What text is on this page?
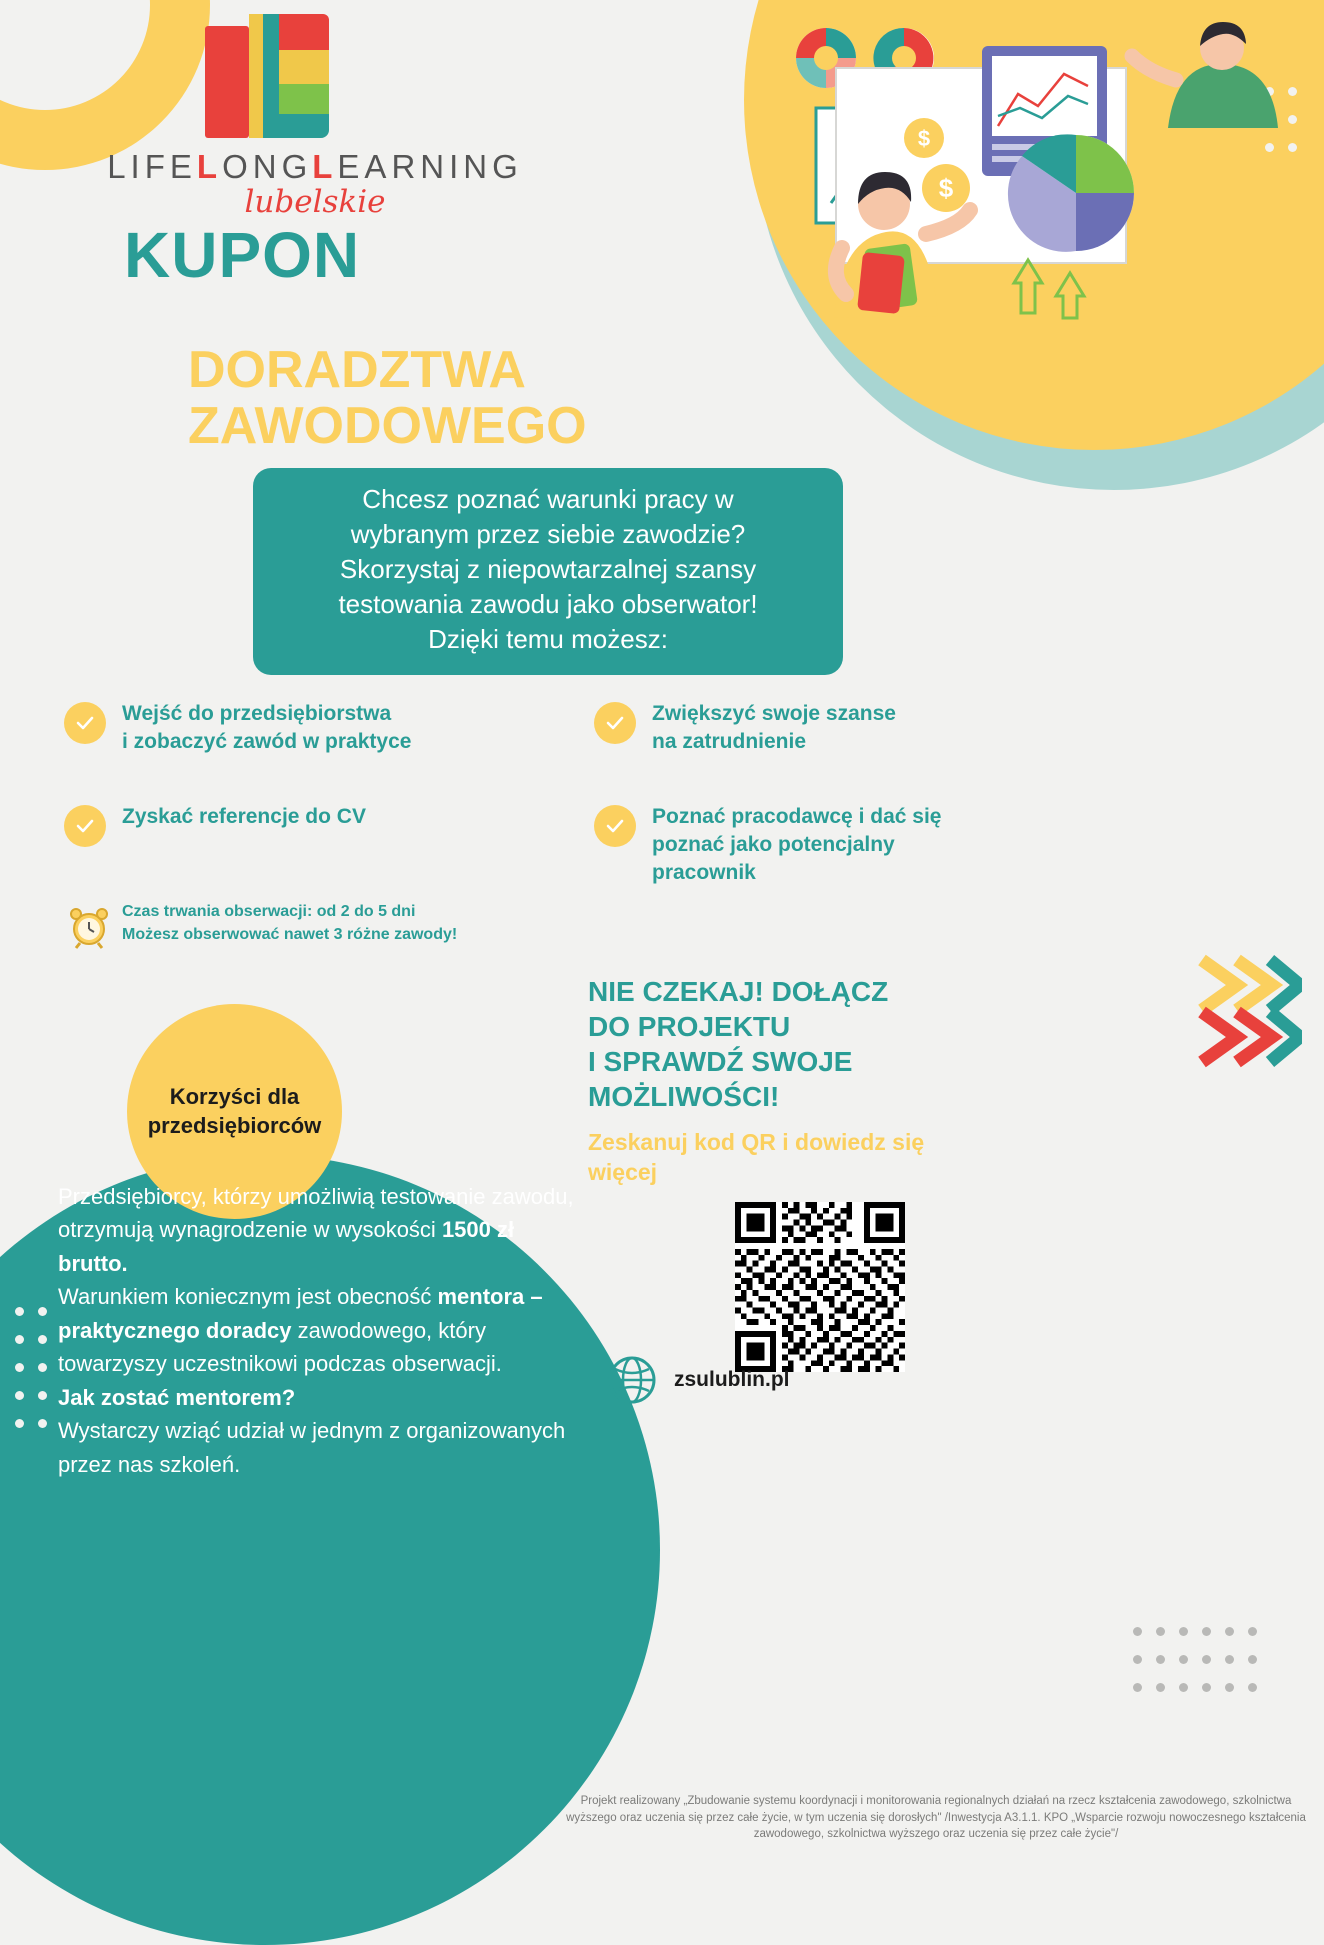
$
$
LIFELONGLEARNING
lubelskie
KUPON
DORADZTWA
ZAWODOWEGO
Chcesz poznać warunki pracy w
wybranym przez siebie zawodzie?
Skorzystaj z niepowtarzalnej szansy
testowania zawodu jako obserwator!
Dzięki temu możesz:
Wejść do przedsiębiorstwa
i zobaczyć zawód w praktyce
Zwiększyć swoje szanse
na zatrudnienie
Zyskać referencje do CV	Poznać pracodawcę i dać się
poznać jako potencjalny
pracownik
Czas trwania obserwacji: od 2 do 5 dni
Możesz obserwować nawet 3 różne zawody!
Korzyści dla
przedsiębiorców
Przedsiębiorcy, którzy umożliwią testowanie zawodu, otrzymują wynagrodzenie w wysokości 1500 zł brutto.
Warunkiem koniecznym jest obecność mentora – praktycznego doradcy zawodowego, który towarzyszy uczestnikowi podczas obserwacji.
Jak zostać mentorem?
Wystarczy wziąć udział w jednym z organizowanych przez nas szkoleń.
NIE CZEKAJ! DOŁĄCZ
DO PROJEKTU
I SPRAWDŹ SWOJE
MOŻLIWOŚCI!
Zeskanuj kod QR i dowiedz się więcej
zsulublin.pl
Projekt realizowany „Zbudowanie systemu koordynacji i monitorowania regionalnych działań na rzecz kształcenia zawodowego, szkolnictwa wyższego oraz uczenia się przez całe życie, w tym uczenia się dorosłych" /Inwestycja A3.1.1. KPO „Wsparcie rozwoju nowoczesnego kształcenia zawodowego, szkolnictwa wyższego oraz uczenia się przez całe życie"/
